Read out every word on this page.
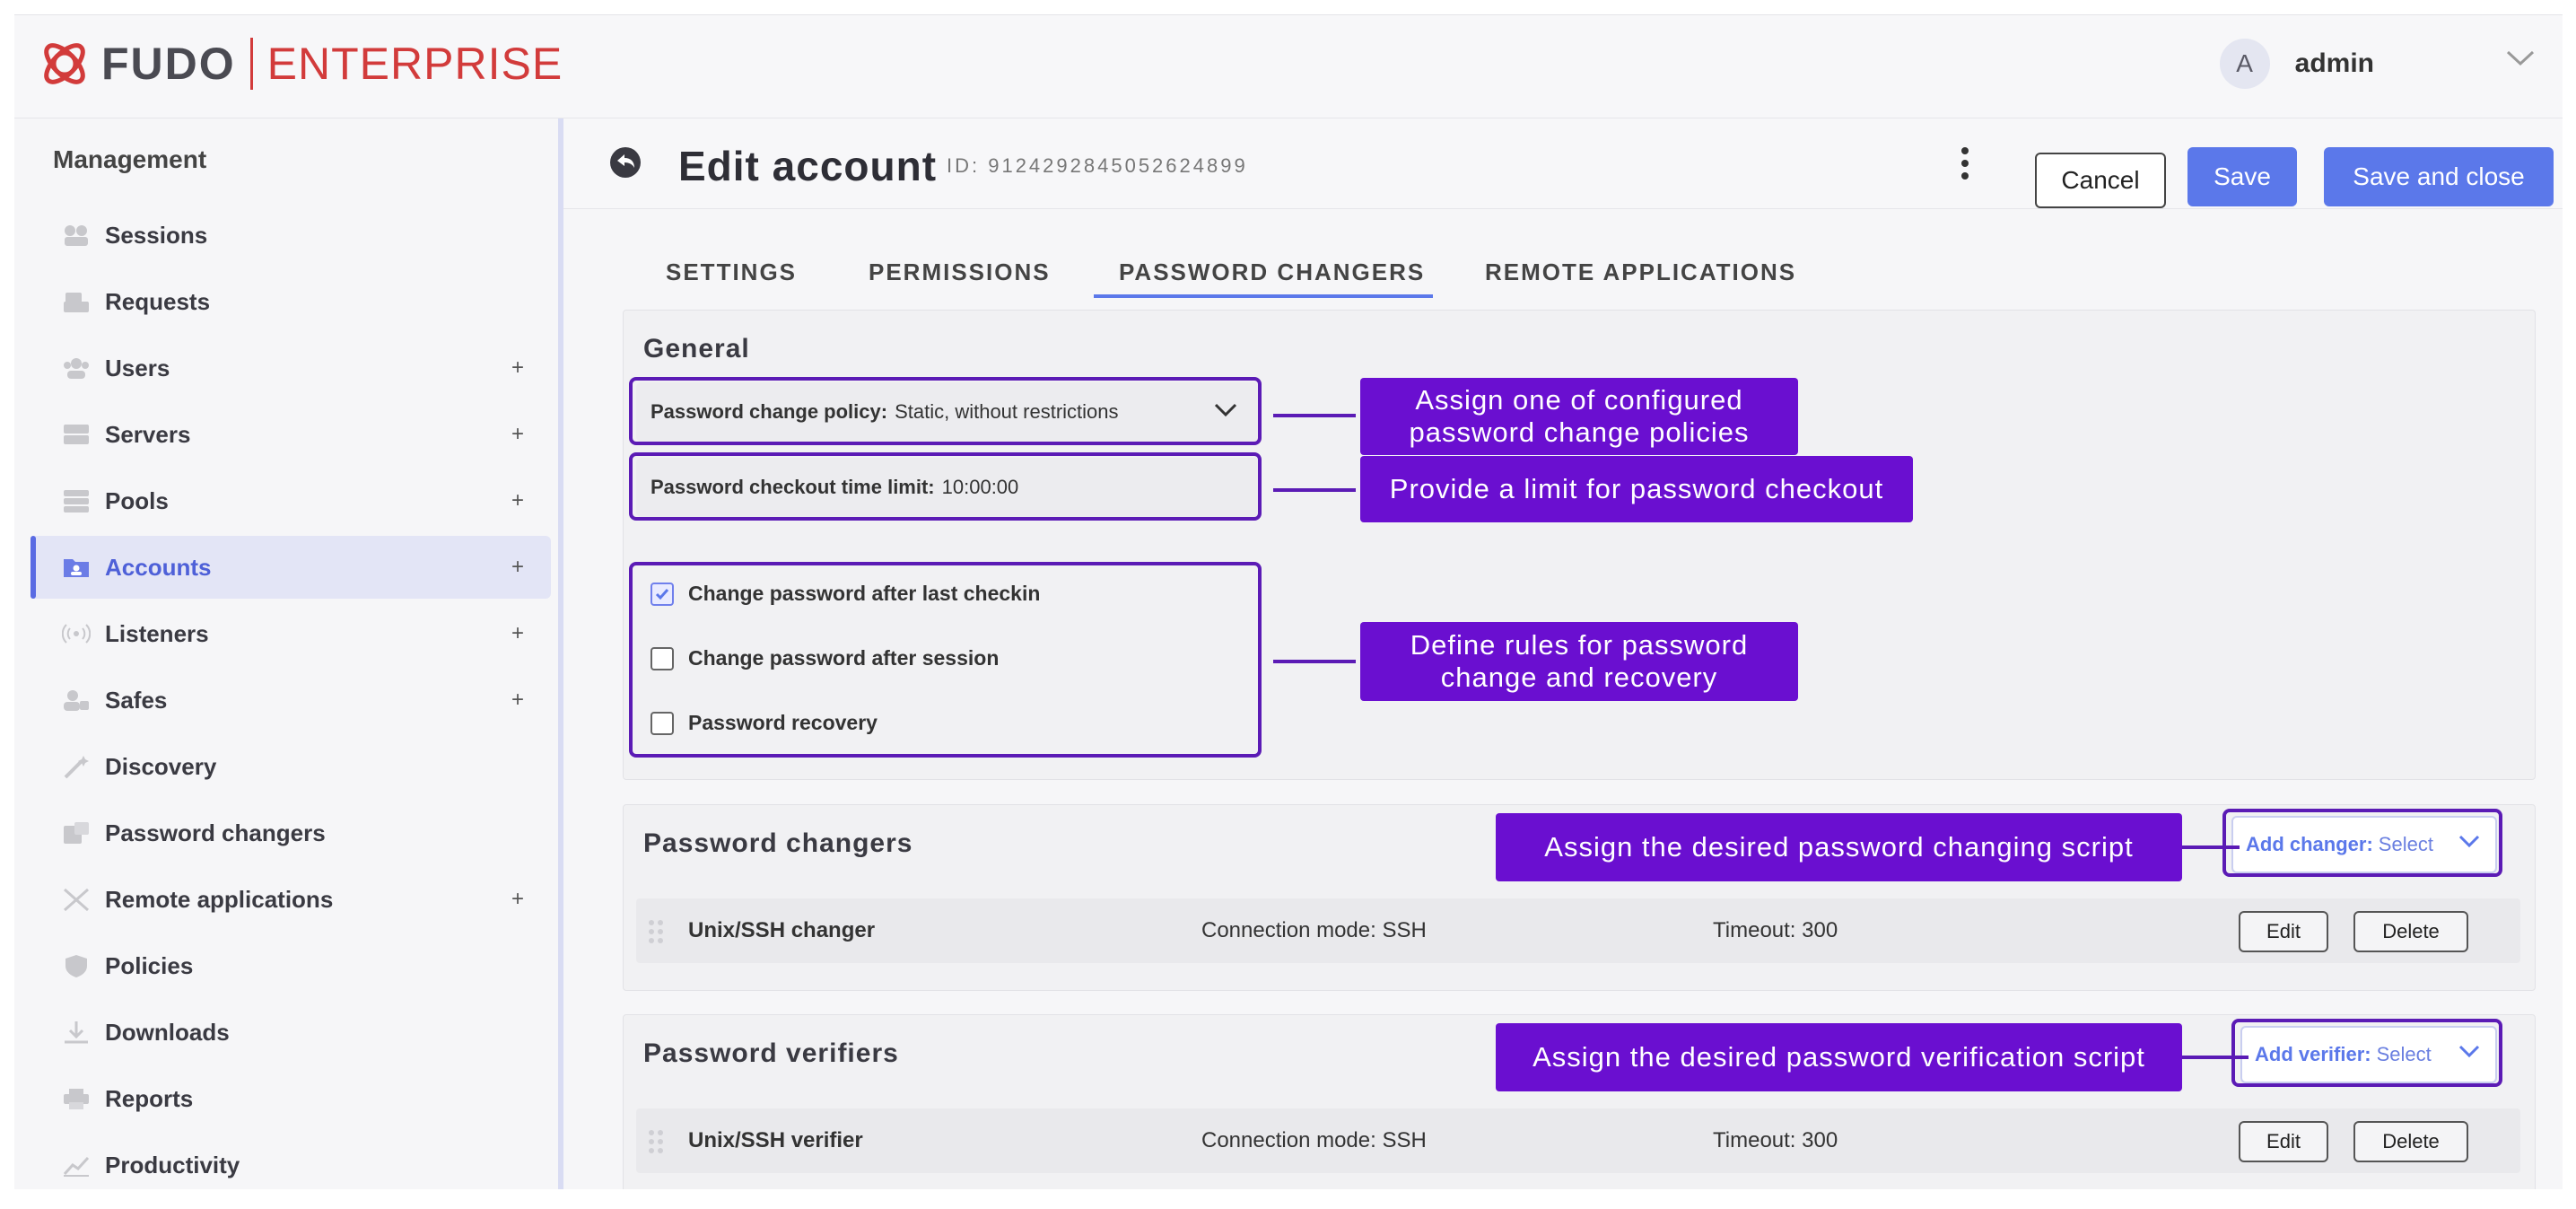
FUDO ENTERPRISE	A	admin
Management
Sessions
Requests
Users	+
Servers	+
Pools	+
Accounts	+
Listeners	+
Safes	+
Discovery
Password changers
Remote applications	+
Policies
Downloads
Reports
Productivity
Edit account ID: 9124292845052624899
Cancel	Save	Save and close
SETTINGS	PERMISSIONS	PASSWORD CHANGERS	REMOTE APPLICATIONS
General
Password change policy: Static, without restrictions
Password checkout time limit: 10:00:00
Change password after last checkin
Change password after session
Password recovery
Assign one of configured password change policies
Provide a limit for password checkout
Define rules for password change and recovery
Password changers	Add changer: Select
Unix/SSH changer	Connection mode: SSH	Timeout: 300	Edit	Delete
Assign the desired password changing script
Password verifiers	Add verifier: Select
Unix/SSH verifier	Connection mode: SSH	Timeout: 300	Edit	Delete
Assign the desired password verification script
